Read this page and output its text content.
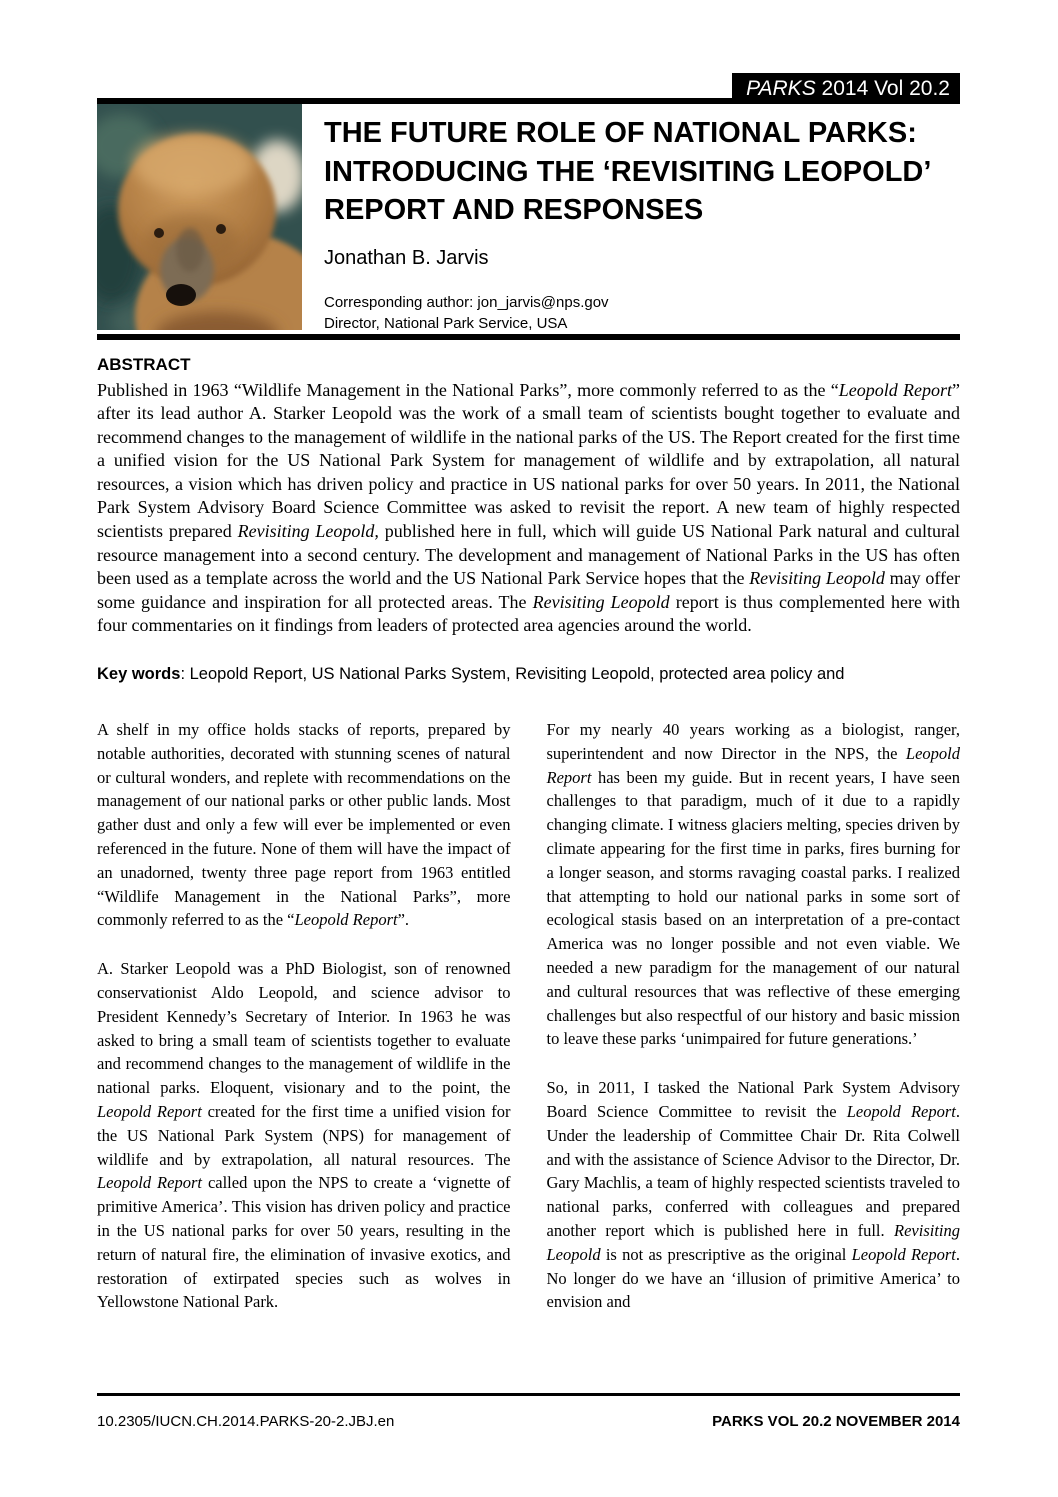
PARKS 2014 Vol 20.2
THE FUTURE ROLE OF NATIONAL PARKS:
INTRODUCING THE ‘REVISITING LEOPOLD’
REPORT AND RESPONSES
Jonathan B. Jarvis
Corresponding author: jon_jarvis@nps.gov
Director, National Park Service, USA
ABSTRACT
Published in 1963 “Wildlife Management in the National Parks”, more commonly referred to as the “Leopold Report” after its lead author A. Starker Leopold was the work of a small team of scientists bought together to evaluate and recommend changes to the management of wildlife in the national parks of the US. The Report created for the first time a unified vision for the US National Park System for management of wildlife and by extrapolation, all natural resources, a vision which has driven policy and practice in US national parks for over 50 years. In 2011, the National Park System Advisory Board Science Committee was asked to revisit the report. A new team of highly respected scientists prepared Revisiting Leopold, published here in full, which will guide US National Park natural and cultural resource management into a second century. The development and management of National Parks in the US has often been used as a template across the world and the US National Park Service hopes that the Revisiting Leopold may offer some guidance and inspiration for all protected areas. The Revisiting Leopold report is thus complemented here with four commentaries on it findings from leaders of protected area agencies around the world.
Key words: Leopold Report, US National Parks System, Revisiting Leopold, protected area policy and

A shelf in my office holds stacks of reports, prepared by notable authorities, decorated with stunning scenes of natural or cultural wonders, and replete with recommendations on the management of our national parks or other public lands. Most gather dust and only a few will ever be implemented or even referenced in the future. None of them will have the impact of an unadorned, twenty three page report from 1963 entitled “Wildlife Management in the National Parks”, more commonly referred to as the “Leopold Report”.

A. Starker Leopold was a PhD Biologist, son of renowned conservationist Aldo Leopold, and science advisor to President Kennedy’s Secretary of Interior. In 1963 he was asked to bring a small team of scientists together to evaluate and recommend changes to the management of wildlife in the national parks. Eloquent, visionary and to the point, the Leopold Report created for the first time a unified vision for the US National Park System (NPS) for management of wildlife and by extrapolation, all natural resources. The Leopold Report called upon the NPS to create a ‘vignette of primitive America’. This vision has driven policy and practice in the US national parks for over 50 years, resulting in the return of natural fire, the elimination of invasive exotics, and restoration of extirpated species such as wolves in Yellowstone National Park.

For my nearly 40 years working as a biologist, ranger, superintendent and now Director in the NPS, the Leopold Report has been my guide. But in recent years, I have seen challenges to that paradigm, much of it due to a rapidly changing climate. I witness glaciers melting, species driven by climate appearing for the first time in parks, fires burning for a longer season, and storms ravaging coastal parks. I realized that attempting to hold our national parks in some sort of ecological stasis based on an interpretation of a pre-contact America was no longer possible and not even viable. We needed a new paradigm for the management of our natural and cultural resources that was reflective of these emerging challenges but also respectful of our history and basic mission to leave these parks ‘unimpaired for future generations.’

So, in 2011, I tasked the National Park System Advisory Board Science Committee to revisit the Leopold Report. Under the leadership of Committee Chair Dr. Rita Colwell and with the assistance of Science Advisor to the Director, Dr. Gary Machlis, a team of highly respected scientists traveled to national parks, conferred with colleagues and prepared another report which is published here in full. Revisiting Leopold is not as prescriptive as the original Leopold Report. No longer do we have an ‘illusion of primitive America’ to envision and

10.2305/IUCN.CH.2014.PARKS-20-2.JBJ.en	PARKS VOL 20.2 NOVEMBER 2014
